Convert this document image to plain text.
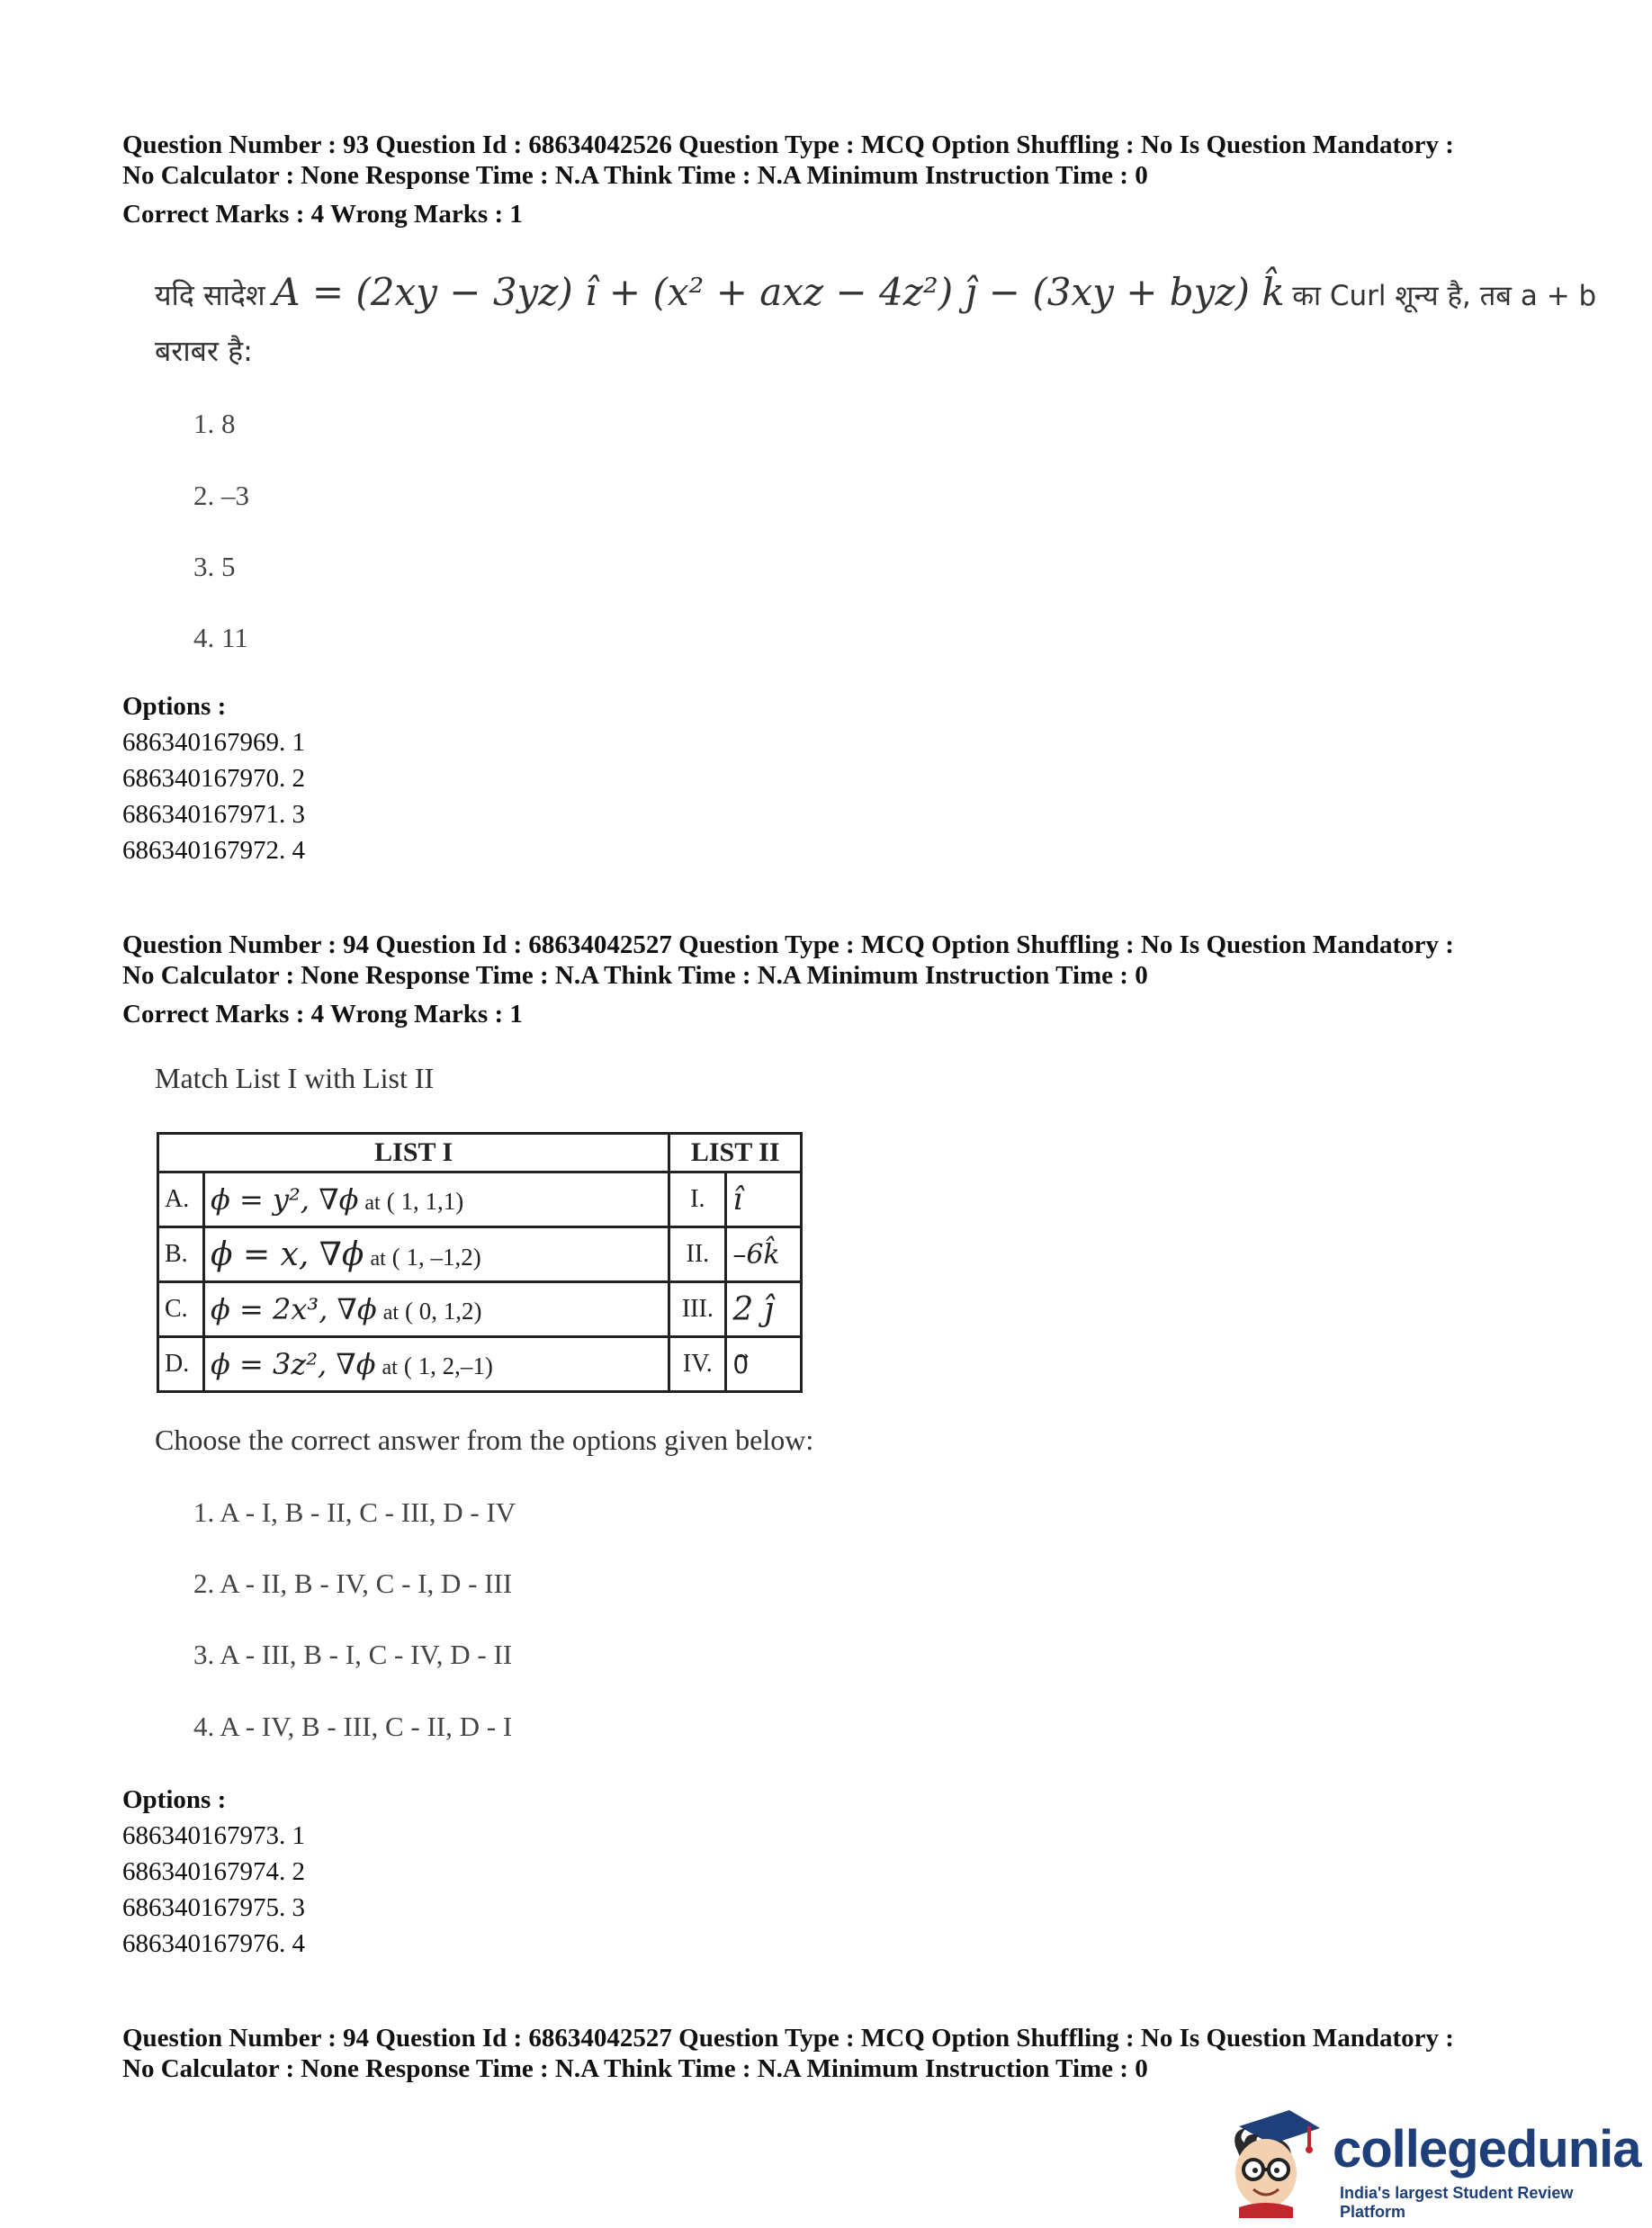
Question Number : 93 Question Id : 68634042526 Question Type : MCQ Option Shuffling : No Is Question Mandatory :
No Calculator : None Response Time : N.A Think Time : N.A Minimum Instruction Time : 0
Correct Marks : 4 Wrong Marks : 1
यदि सादेश A = (2xy − 3yz) î + (x² + axz − 4z²) ĵ − (3xy + byz) k̂ का Curl शून्य है, तब a + b
बराबर है:
1. 8
2. –3
3. 5
4. 11
Options :
686340167969. 1
686340167970. 2
686340167971. 3
686340167972. 4
Question Number : 94 Question Id : 68634042527 Question Type : MCQ Option Shuffling : No Is Question Mandatory :
No Calculator : None Response Time : N.A Think Time : N.A Minimum Instruction Time : 0
Correct Marks : 4 Wrong Marks : 1
Match List I with List II
LIST I		LIST II	
A.	ϕ = y², ∇ϕ at ( 1, 1,1)	I.	î
B.	ϕ = x, ∇ϕ at ( 1, –1,2)	II.	–6k̂
C.	ϕ = 2x³, ∇ϕ at ( 0, 1,2)	III.	2 ĵ
D.	ϕ = 3z², ∇ϕ at ( 1, 2,–1)	IV.	0⃗
Choose the correct answer from the options given below:
1. A - I, B - II, C - III, D - IV
2. A - II, B - IV, C - I, D - III
3. A - III, B - I, C - IV, D - II
4. A - IV, B - III, C - II, D - I
Options :
686340167973. 1
686340167974. 2
686340167975. 3
686340167976. 4
Question Number : 94 Question Id : 68634042527 Question Type : MCQ Option Shuffling : No Is Question Mandatory :
No Calculator : None Response Time : N.A Think Time : N.A Minimum Instruction Time : 0
collegedunia
India's largest Student Review Platform
